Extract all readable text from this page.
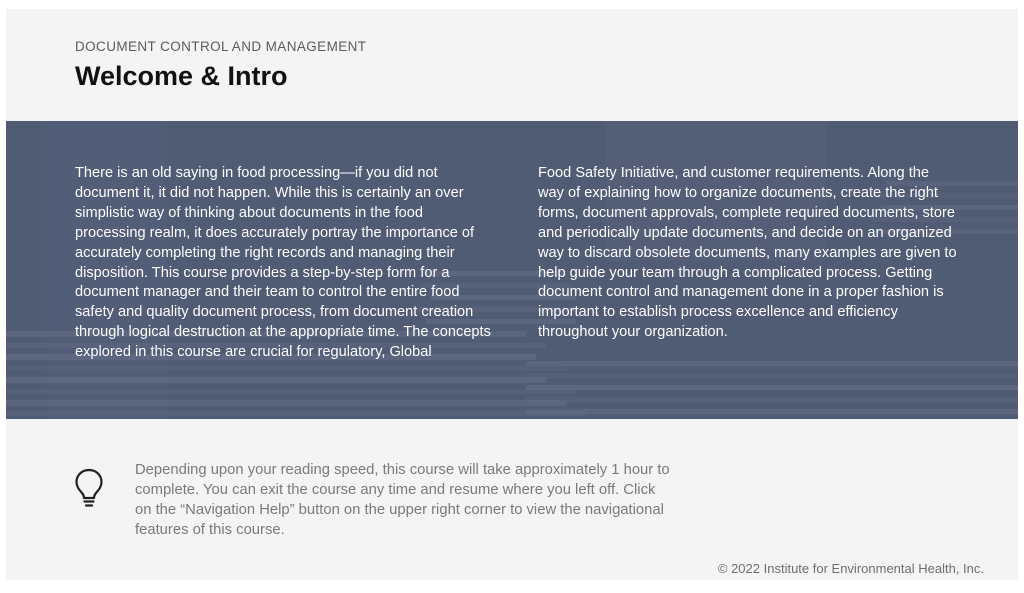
DOCUMENT CONTROL AND MANAGEMENT
Welcome & Intro

There is an old saying in food processing—if you did not document it, it did not happen. While this is certainly an over simplistic way of thinking about documents in the food processing realm, it does accurately portray the importance of accurately completing the right records and managing their disposition. This course provides a step-by-step form for a document manager and their team to control the entire food safety and quality document process, from document creation through logical destruction at the appropriate time. The concepts explored in this course are crucial for regulatory, Global

Food Safety Initiative, and customer requirements. Along the way of explaining how to organize documents, create the right forms, document approvals, complete required documents, store and periodically update documents, and decide on an organized way to discard obsolete documents, many examples are given to help guide your team through a complicated process. Getting document control and management done in a proper fashion is important to establish process excellence and efficiency throughout your organization.

Depending upon your reading speed, this course will take approximately 1 hour to complete. You can exit the course any time and resume where you left off. Click on the “Navigation Help” button on the upper right corner to view the navigational features of this course.

© 2022 Institute for Environmental Health, Inc.
